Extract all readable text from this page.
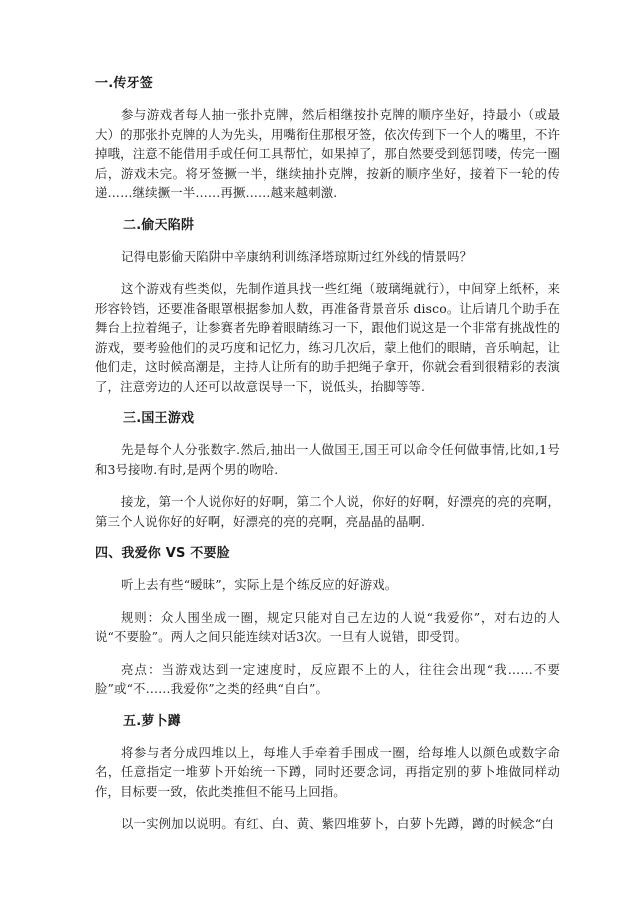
一.传牙签

参与游戏者每人抽一张扑克牌，然后相继按扑克牌的顺序坐好，持最小（或最大）的那张扑克牌的人为先头，用嘴衔住那根牙签，依次传到下一个人的嘴里，不许掉哦，注意不能借用手或任何工具帮忙，如果掉了，那自然要受到惩罚喽，传完一圈后，游戏未完。将牙签撅一半，继续抽扑克牌，按新的顺序坐好，接着下一轮的传递……继续撅一半……再撅……越来越刺激.

二.偷天陷阱

记得电影偷天陷阱中辛康纳利训练泽塔琼斯过红外线的情景吗？

这个游戏有些类似，先制作道具找一些红绳（玻璃绳就行），中间穿上纸杯，来形容铃铛，还要准备眼罩根据参加人数，再准备背景音乐 disco。让后请几个助手在舞台上拉着绳子，让参赛者先睁着眼睛练习一下，跟他们说这是一个非常有挑战性的游戏，要考验他们的灵巧度和记忆力，练习几次后，蒙上他们的眼睛，音乐响起，让他们走，这时候高潮是，主持人让所有的助手把绳子拿开，你就会看到很精彩的表演了，注意旁边的人还可以故意误导一下，说低头，抬脚等等.

三.国王游戏

先是每个人分张数字.然后,抽出一人做国王,国王可以命令任何做事情,比如,1号和3号接吻.有时,是两个男的吻哈.

接龙，第一个人说你好的好啊，第二个人说，你好的好啊，好漂亮的亮的亮啊，第三个人说你好的好啊，好漂亮的亮的亮啊，亮晶晶的晶啊.

四、我爱你 VS 不要脸

听上去有些“暧昧”，实际上是个练反应的好游戏。

规则：众人围坐成一圈，规定只能对自己左边的人说“我爱你”，对右边的人说“不要脸”。两人之间只能连续对话3次。一旦有人说错，即受罚。

亮点：当游戏达到一定速度时，反应跟不上的人，往往会出现“我……不要脸”或“不……我爱你”之类的经典“自白”。

五.萝卜蹲

将参与者分成四堆以上，每堆人手牵着手围成一圈，给每堆人以颜色或数字命名，任意指定一堆萝卜开始统一下蹲，同时还要念词，再指定别的萝卜堆做同样动作，目标要一致，依此类推但不能马上回指。

以一实例加以说明。有红、白、黄、紫四堆萝卜，白萝卜先蹲，蹲的时候念“白
